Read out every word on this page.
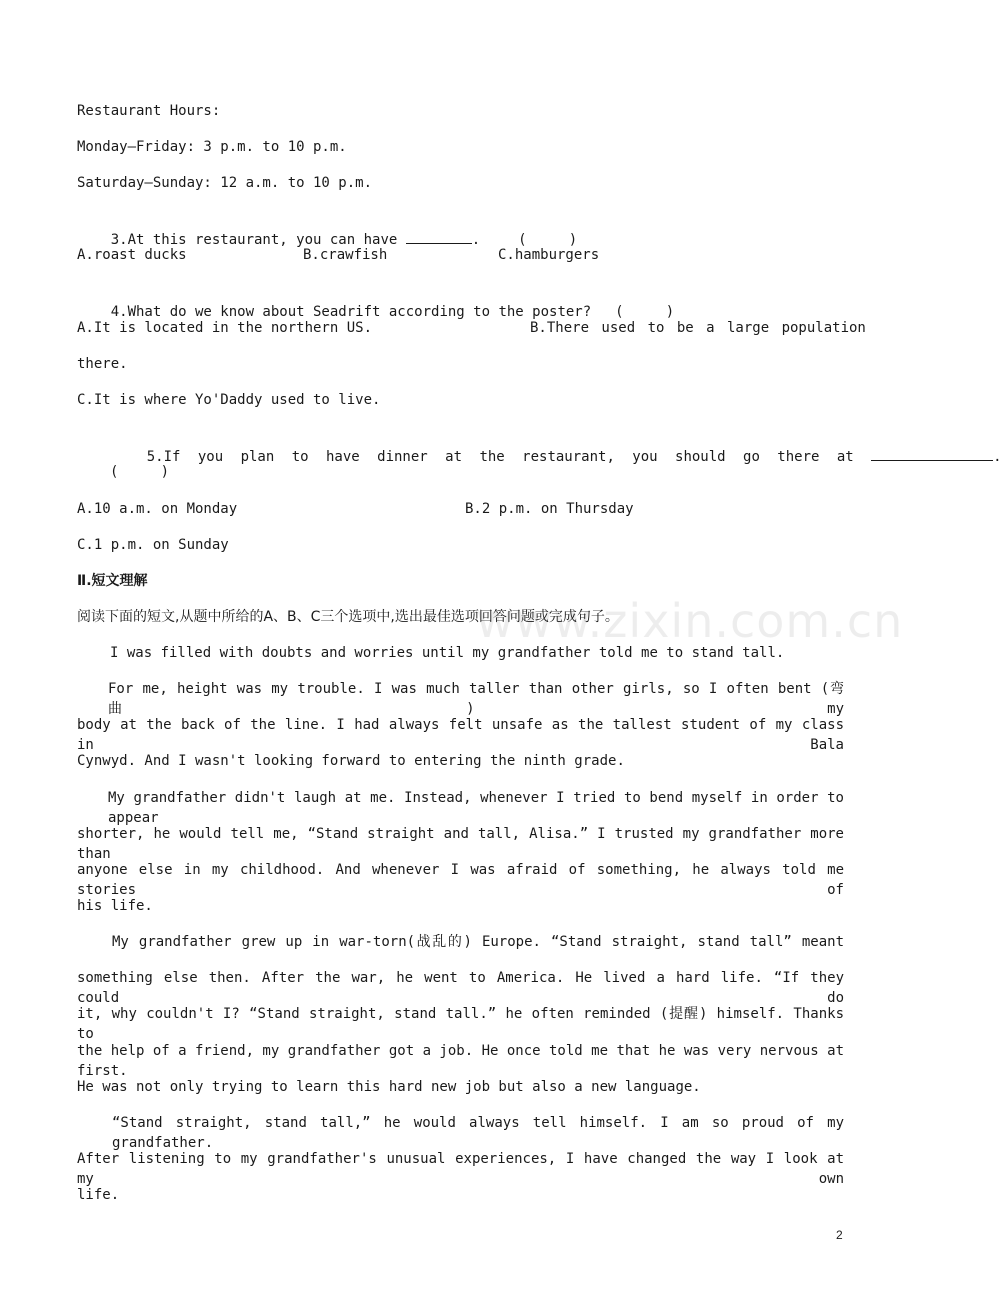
www.zixin.com.cn
Restaurant Hours:
Monday—Friday: 3 p.m. to 10 p.m.
Saturday—Sunday: 12 a.m. to 10 p.m.

3.At this restaurant, you can have	.	(     )

A.roast ducks	B.crawfish	C.hamburgers

4.What do we know about Seadrift according to the poster? (     )

A.It is located in the northern US.	B.There used to be a large population
there.
C.It is where Yo'Daddy used to live.

5.If you plan to have dinner at the restaurant, you should go there at	.

(     )
A.10 a.m. on Monday	B.2 p.m. on Thursday
C.1 p.m. on Sunday
Ⅱ.短文理解
阅读下面的短文,从题中所给的A、B、C三个选项中,选出最佳选项回答问题或完成句子。
I was filled with doubts and worries until my grandfather told me to stand tall.
For me, height was my trouble. I was much taller than other girls, so I often bent (弯曲) my
body at the back of the line. I had always felt unsafe as the tallest student of my class in Bala
Cynwyd. And I wasn't looking forward to entering the ninth grade.
My grandfather didn't laugh at me. Instead, whenever I tried to bend myself in order to appear
shorter, he would tell me, “Stand straight and tall, Alisa.” I trusted my grandfather more than
anyone else in my childhood. And whenever I was afraid of something, he always told me stories of
his life.
My grandfather grew up in war-torn(战乱的) Europe. “Stand straight, stand tall” meant
something else then. After the war, he went to America. He lived a hard life. “If they could do
it, why couldn't I? “Stand straight, stand tall.” he often reminded (提醒) himself. Thanks to
the help of a friend, my grandfather got a job. He once told me that he was very nervous at first.
He was not only trying to learn this hard new job but also a new language.
“Stand straight, stand tall,” he would always tell himself. I am so proud of my grandfather.
After listening to my grandfather's unusual experiences, I have changed the way I look at my own
life.
2
